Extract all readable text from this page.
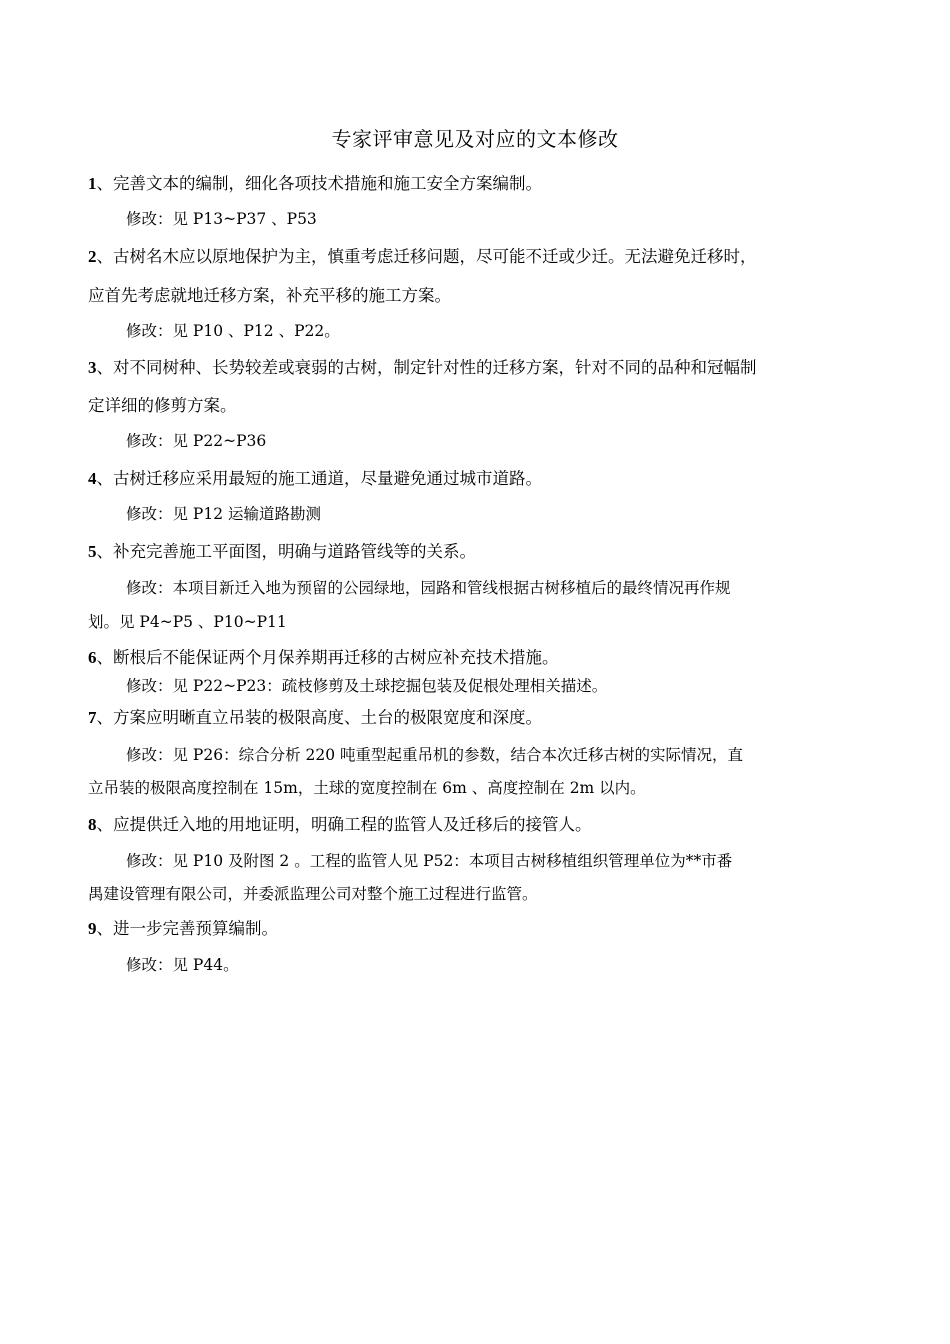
专家评审意见及对应的文本修改
1、完善文本的编制，细化各项技术措施和施工安全方案编制。
修改：见 P13~P37 、P53
2、古树名木应以原地保护为主，慎重考虑迁移问题，尽可能不迁或少迁。无法避免迁移时，
应首先考虑就地迁移方案，补充平移的施工方案。
修改：见 P10 、P12 、P22。
3、对不同树种、长势较差或衰弱的古树，制定针对性的迁移方案，针对不同的品种和冠幅制
定详细的修剪方案。
修改：见 P22~P36
4、古树迁移应采用最短的施工通道，尽量避免通过城市道路。
修改：见 P12 运输道路勘测
5、补充完善施工平面图，明确与道路管线等的关系。
修改：本项目新迁入地为预留的公园绿地，园路和管线根据古树移植后的最终情况再作规
划。见 P4~P5 、P10~P11
6、断根后不能保证两个月保养期再迁移的古树应补充技术措施。
修改：见 P22~P23：疏枝修剪及土球挖掘包装及促根处理相关描述。
7、方案应明晰直立吊装的极限高度、土台的极限宽度和深度。
修改：见 P26：综合分析 220 吨重型起重吊机的参数，结合本次迁移古树的实际情况，直
立吊装的极限高度控制在 15m，土球的宽度控制在 6m 、高度控制在 2m 以内。
8、应提供迁入地的用地证明，明确工程的监管人及迁移后的接管人。
修改：见 P10 及附图 2 。工程的监管人见 P52：本项目古树移植组织管理单位为**市番
禺建设管理有限公司，并委派监理公司对整个施工过程进行监管。
9、进一步完善预算编制。
修改：见 P44。
